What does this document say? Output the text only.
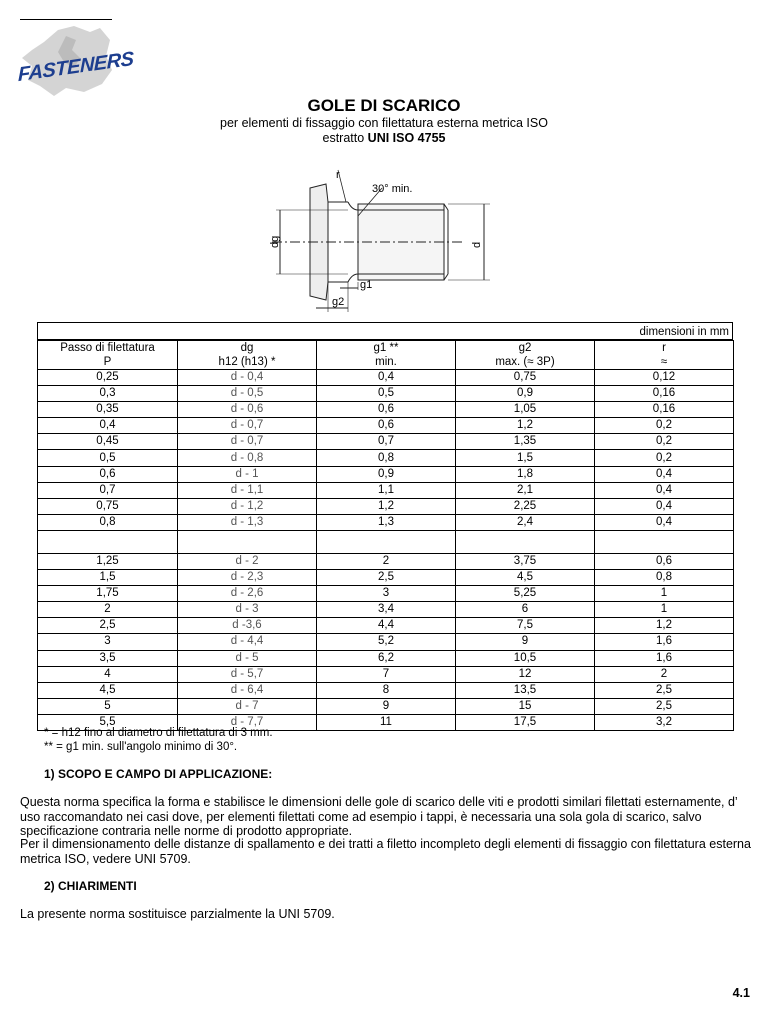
FASTENERS
GOLE DI SCARICO
per elementi di fissaggio con filettatura esterna metrica ISO
estratto UNI ISO 4755
r
30° min.
dg	d
g1
g2
dimensioni in mm
Passo di filettatura	dg	g1 **	g2	r
P	h12 (h13) *	min.	max. (≈ 3P)	≈
0,25	d - 0,4	0,4	0,75	0,12
0,3	d - 0,5	0,5	0,9	0,16
0,35	d - 0,6	0,6	1,05	0,16
0,4	d - 0,7	0,6	1,2	0,2
0,45	d - 0,7	0,7	1,35	0,2
0,5	d - 0,8	0,8	1,5	0,2
0,6	d - 1	0,9	1,8	0,4
0,7	d - 1,1	1,1	2,1	0,4
0,75	d - 1,2	1,2	2,25	0,4
0,8	d - 1,3	1,3	2,4	0,4

1,25	d - 2	2	3,75	0,6
1,5	d - 2,3	2,5	4,5	0,8
1,75	d - 2,6	3	5,25	1
2	d - 3	3,4	6	1
2,5	d -3,6	4,4	7,5	1,2
3	d - 4,4	5,2	9	1,6
3,5	d - 5	6,2	10,5	1,6
4	d - 5,7	7	12	2
4,5	d - 6,4	8	13,5	2,5
5	d - 7	9	15	2,5
5,5	d - 7,7	11	17,5	3,2
* = h12 fino al diametro di filettatura di 3 mm.
** = g1 min. sull'angolo minimo di 30°.
1) SCOPO E CAMPO DI APPLICAZIONE:
Questa norma specifica la forma e stabilisce le dimensioni delle gole di scarico delle viti e prodotti similari filettati esternamente, d’ uso raccomandato nei casi dove, per elementi filettati come ad esempio i tappi, è necessaria una sola gola di scarico, salvo specificazione contraria nelle norme di prodotto appropriate.
Per il dimensionamento delle distanze di spallamento e dei tratti a filetto incompleto degli elementi di fissaggio con filettatura esterna metrica ISO, vedere UNI 5709.
2) CHIARIMENTI
La presente norma sostituisce parzialmente la UNI 5709.
4.1
